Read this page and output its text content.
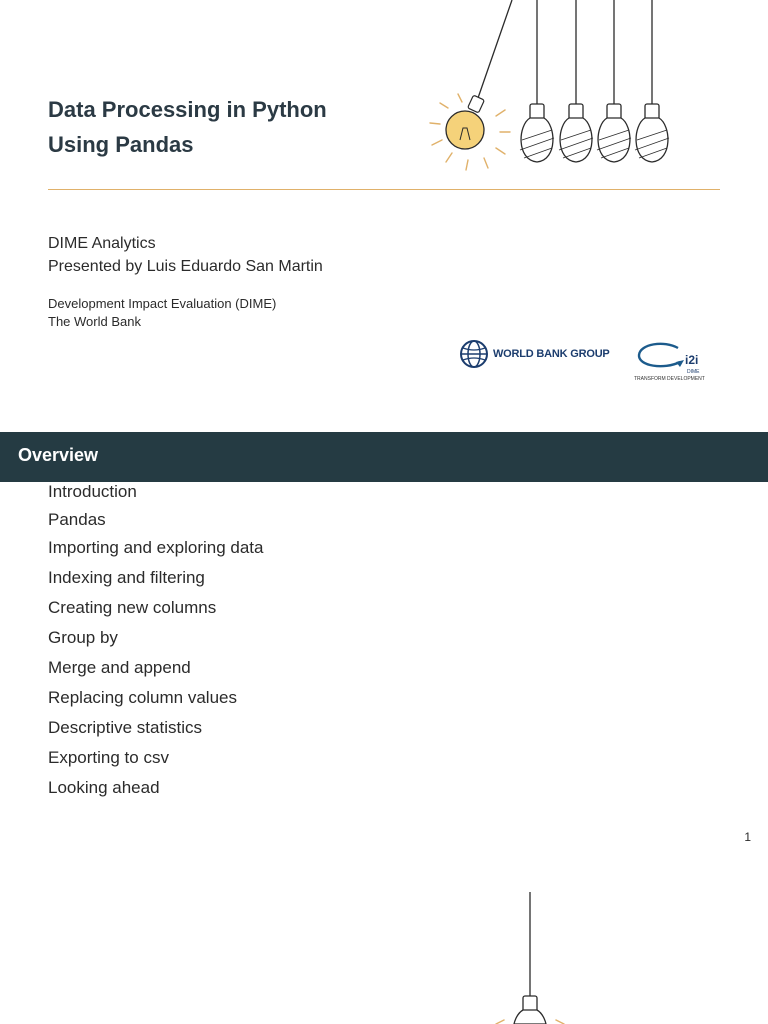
Data Processing in Python
Using Pandas
DIME Analytics
Presented by Luis Eduardo San Martin
Development Impact Evaluation (DIME)
The World Bank
WORLD BANK GROUP	i2i
DIME
TRANSFORM DEVELOPMENT
Overview
Introduction
Pandas
Importing and exploring data
Indexing and filtering
Creating new columns
Group by
Merge and append
Replacing column values
Descriptive statistics
Exporting to csv
Looking ahead
1
